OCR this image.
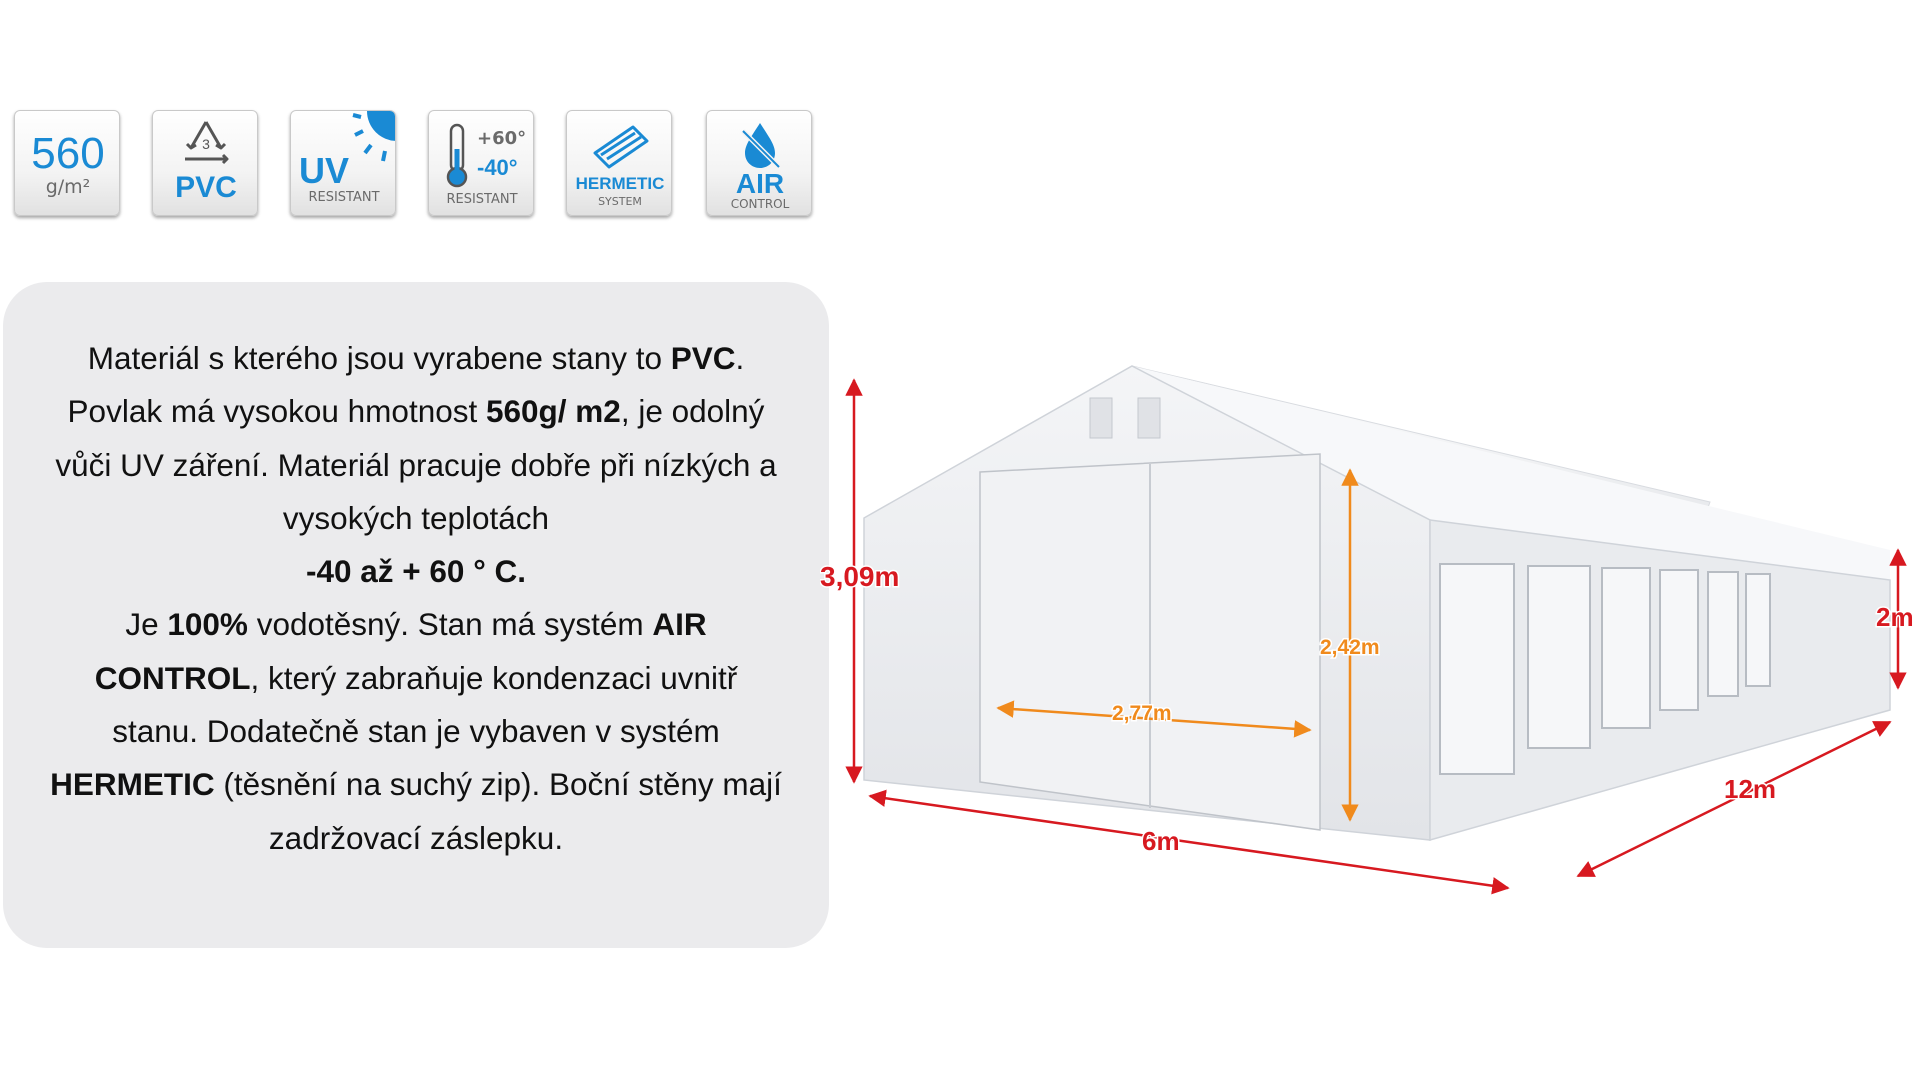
560
g/m²
3
PVC UV
RESISTANT
+60°
-40°
RESISTANT
HERMETIC
SYSTEM
AIR
CONTROL

Materiál s kterého jsou vyrabene stany to PVC. Povlak má vysokou hmotnost 560g/ m2, je odolný vůči UV záření. Materiál pracuje dobře při nízkých a vysokých teplotách
-40 až + 60 ° C.
Je 100% vodotěsný. Stan má systém AIR CONTROL, který zabraňuje kondenzaci uvnitř stanu. Dodatečně stan je vybaven v systém HERMETIC (těsnění na suchý zip). Boční stěny mají zadržovací záslepku.

3,09m
2,42m
2,77m
2m
6m
12m
